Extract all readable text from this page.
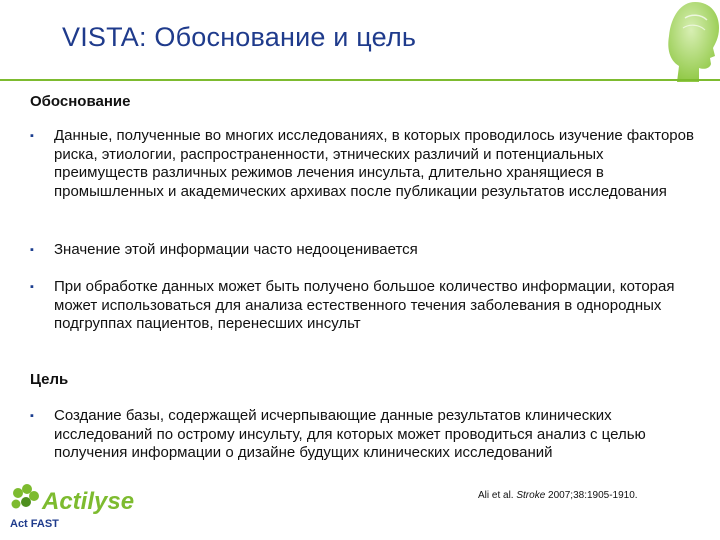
VISTA: Обоснование и цель
Обоснование
▪ Данные, полученные во многих исследованиях, в которых проводилось изучение факторов риска, этиологии, распространенности, этнических различий и потенциальных преимуществ различных режимов лечения инсульта, длительно хранящиеся в промышленных и академических архивах после публикации результатов исследования
▪ Значение этой информации часто недооценивается
▪ При обработке данных может быть получено большое количество информации, которая может использоваться для анализа естественного течения заболевания в однородных подгруппах пациентов, перенесших инсульт
Цель
▪ Создание базы, содержащей исчерпывающие данные результатов клинических исследований по острому инсульту, для которых может проводиться анализ с целью получения информации о дизайне будущих клинических исследований
Actilyse
Act FAST
Ali et al. Stroke 2007;38:1905-1910.
